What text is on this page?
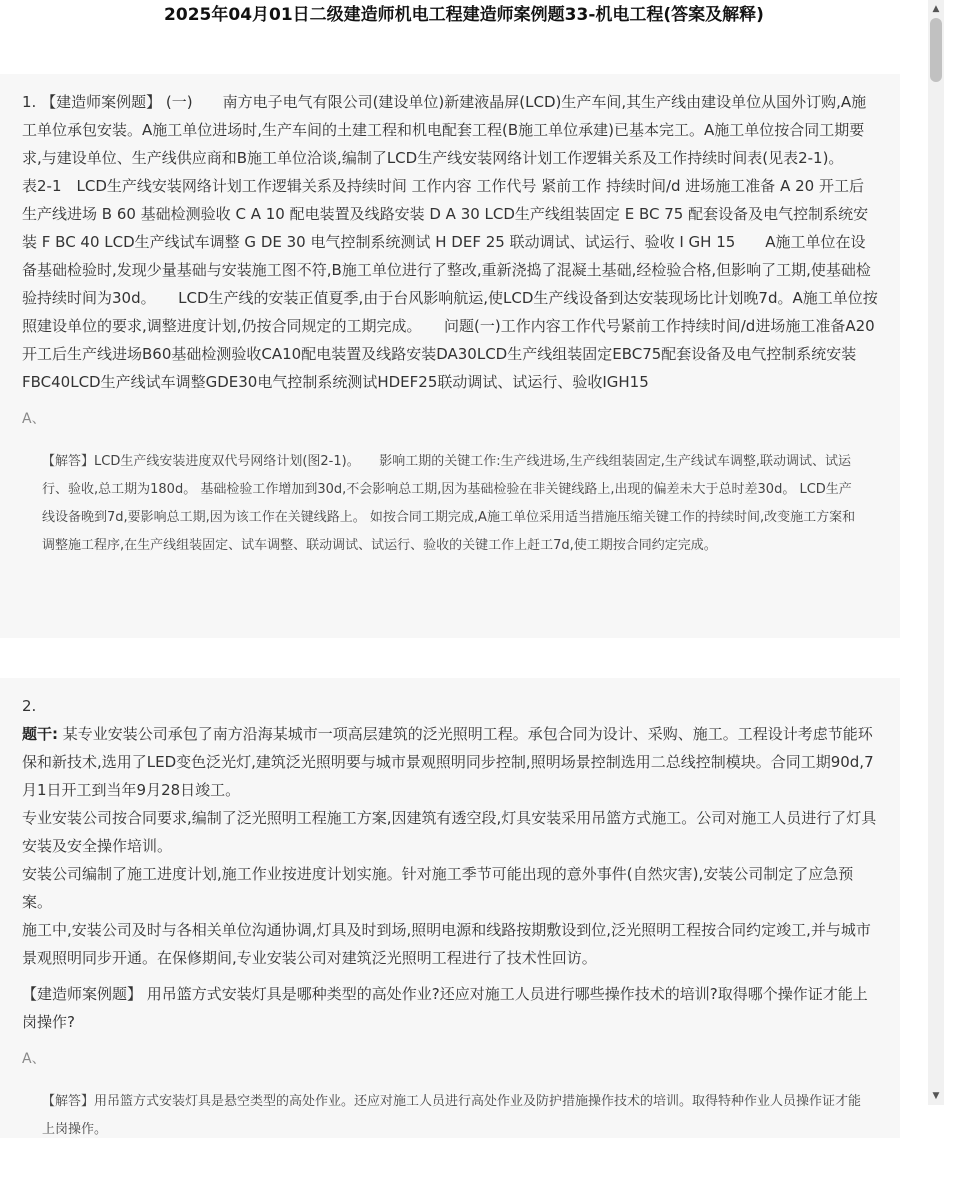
2025年04月01日二级建造师机电工程建造师案例题33-机电工程(答案及解释)

1. 【建造师案例题】 (一)　　南方电子电气有限公司(建设单位)新建液晶屏(LCD)生产车间,其生产线由建设单位从国外订购,A施工单位承包安装。A施工单位进场时,生产车间的土建工程和机电配套工程(B施工单位承建)已基本完工。A施工单位按合同工期要求,与建设单位、生产线供应商和B施工单位洽谈,编制了LCD生产线安装网络计划工作逻辑关系及工作持续时间表(见表2-1)。　　表2-1　LCD生产线安装网络计划工作逻辑关系及持续时间 工作内容 工作代号 紧前工作 持续时间/d 进场施工准备 A 20 开工后生产线进场 B 60 基础检测验收 C A 10 配电装置及线路安装 D A 30 LCD生产线组装固定 E BC 75 配套设备及电气控制系统安装 F BC 40 LCD生产线试车调整 G DE 30 电气控制系统测试 H DEF 25 联动调试、试运行、验收 I GH 15　　A施工单位在设备基础检验时,发现少量基础与安装施工图不符,B施工单位进行了整改,重新浇捣了混凝土基础,经检验合格,但影响了工期,使基础检验持续时间为30d。　　LCD生产线的安装正值夏季,由于台风影响航运,使LCD生产线设备到达安装现场比计划晚7d。A施工单位按照建设单位的要求,调整进度计划,仍按合同规定的工期完成。　　问题(一)工作内容工作代号紧前工作持续时间/d进场施工准备A20开工后生产线进场B60基础检测验收CA10配电装置及线路安装DA30LCD生产线组装固定EBC75配套设备及电气控制系统安装FBC40LCD生产线试车调整GDE30电气控制系统测试HDEF25联动调试、试运行、验收IGH15

A、
【解答】LCD生产线安装进度双代号网络计划(图2-1)。　　影响工期的关键工作:生产线进场,生产线组装固定,生产线试车调整,联动调试、试运行、验收,总工期为180d。 基础检验工作增加到30d,不会影响总工期,因为基础检验在非关键线路上,出现的偏差未大于总时差30d。 LCD生产线设备晚到7d,要影响总工期,因为该工作在关键线路上。 如按合同工期完成,A施工单位采用适当措施压缩关键工作的持续时间,改变施工方案和调整施工程序,在生产线组装固定、试车调整、联动调试、试运行、验收的关键工作上赶工7d,使工期按合同约定完成。
2.

题干: 某专业安装公司承包了南方沿海某城市一项高层建筑的泛光照明工程。承包合同为设计、采购、施工。工程设计考虑节能环保和新技术,选用了LED变色泛光灯,建筑泛光照明要与城市景观照明同步控制,照明场景控制选用二总线控制模块。合同工期90d,7月1日开工到当年9月28日竣工。

专业安装公司按合同要求,编制了泛光照明工程施工方案,因建筑有透空段,灯具安装采用吊篮方式施工。公司对施工人员进行了灯具安装及安全操作培训。

安装公司编制了施工进度计划,施工作业按进度计划实施。针对施工季节可能出现的意外事件(自然灾害),安装公司制定了应急预案。

施工中,安装公司及时与各相关单位沟通协调,灯具及时到场,照明电源和线路按期敷设到位,泛光照明工程按合同约定竣工,并与城市景观照明同步开通。在保修期间,专业安装公司对建筑泛光照明工程进行了技术性回访。

【建造师案例题】 用吊篮方式安装灯具是哪种类型的高处作业?还应对施工人员进行哪些操作技术的培训?取得哪个操作证才能上岗操作?

A、
【解答】用吊篮方式安装灯具是悬空类型的高处作业。还应对施工人员进行高处作业及防护措施操作技术的培训。取得特种作业人员操作证才能上岗操作。
▲
▼
